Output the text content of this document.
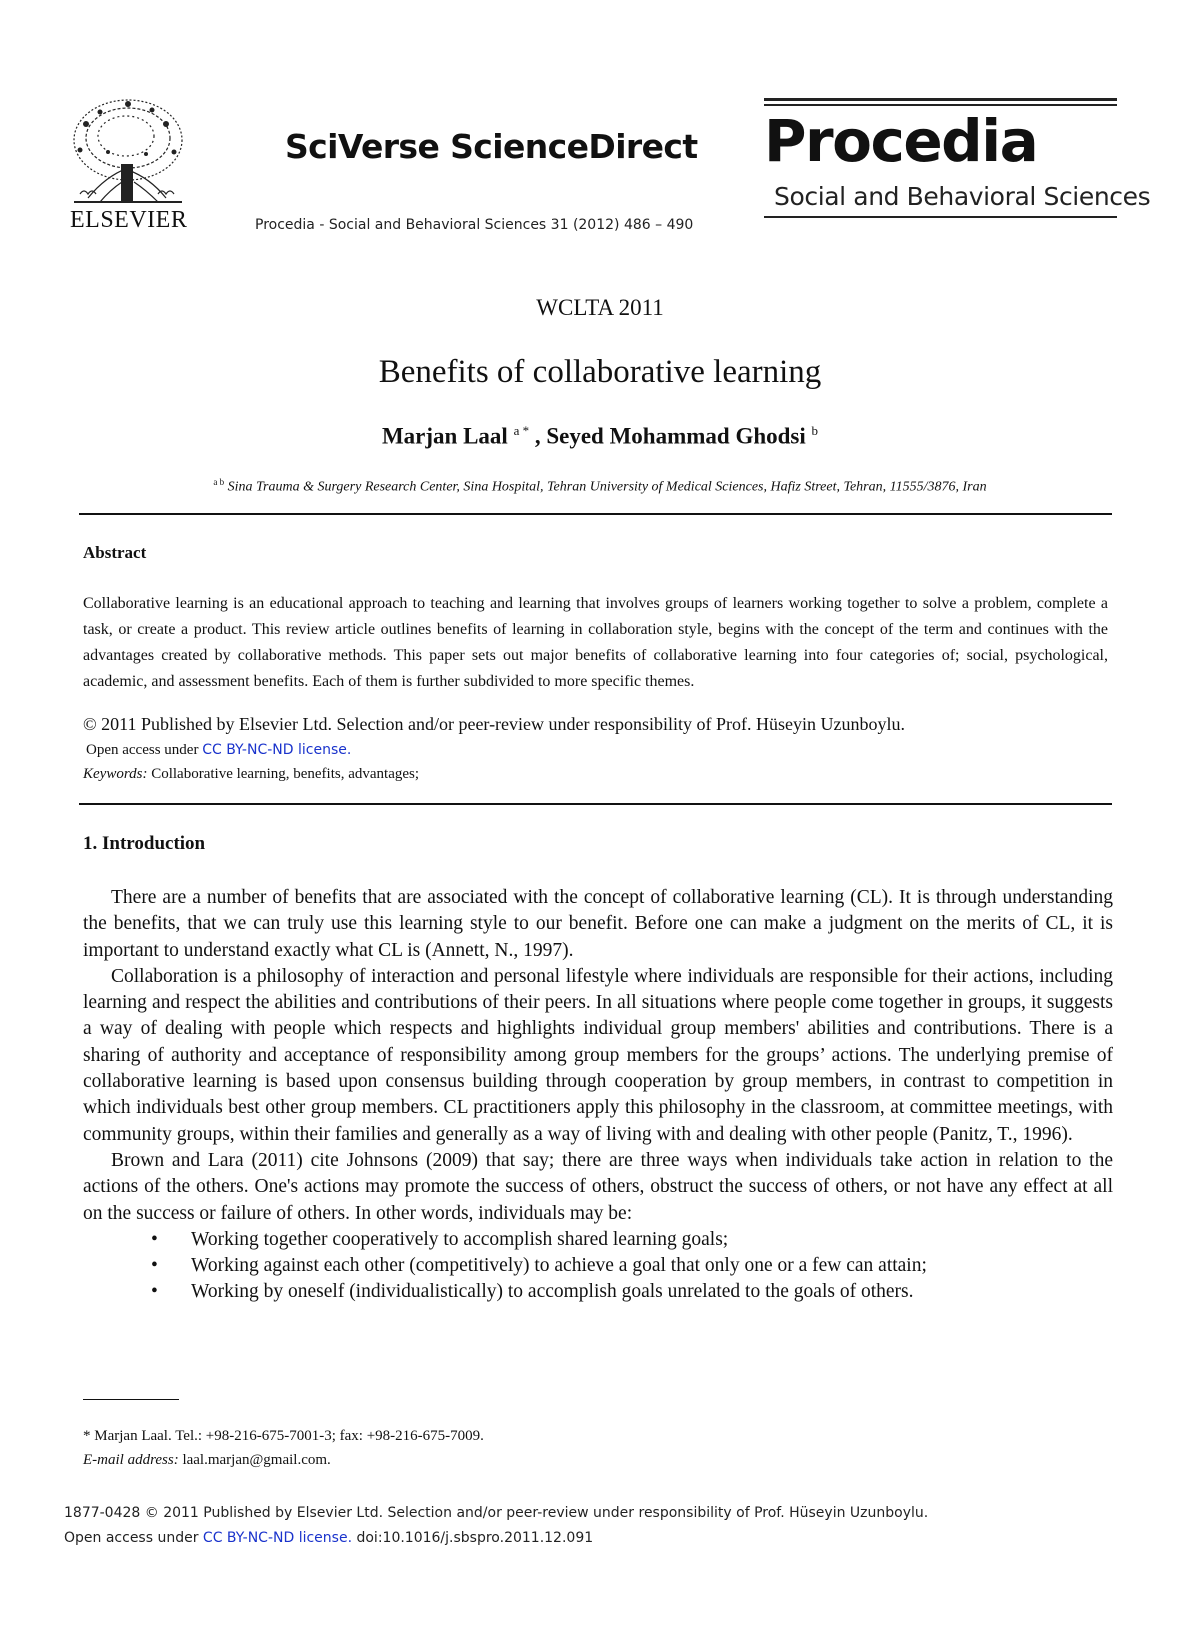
ELSEVIER
SciVerse ScienceDirect
Procedia - Social and Behavioral Sciences 31 (2012) 486 – 490
Procedia
Social and Behavioral Sciences
WCLTA 2011
Benefits of collaborative learning
Marjan Laal $^{a *}$ , Seyed Mohammad Ghodsi $^b$
$^{a b}$ Sina Trauma & Surgery Research Center, Sina Hospital, Tehran University of Medical Sciences, Hafiz Street, Tehran, 11555/3876, Iran
Abstract
Collaborative learning is an educational approach to teaching and learning that involves groups of learners working together to solve a problem, complete a task, or create a product. This review article outlines benefits of learning in collaboration style, begins with the concept of the term and continues with the advantages created by collaborative methods. This paper sets out major benefits of collaborative learning into four categories of; social, psychological, academic, and assessment benefits. Each of them is further subdivided to more specific themes.
© 2011 Published by Elsevier Ltd. Selection and/or peer-review under responsibility of Prof. Hüseyin Uzunboylu.
Open access under CC BY-NC-ND license.
Keywords: Collaborative learning, benefits, advantages;
1. Introduction

There are a number of benefits that are associated with the concept of collaborative learning (CL). It is through understanding the benefits, that we can truly use this learning style to our benefit. Before one can make a judgment on the merits of CL, it is important to understand exactly what CL is (Annett, N., 1997).

Collaboration is a philosophy of interaction and personal lifestyle where individuals are responsible for their actions, including learning and respect the abilities and contributions of their peers. In all situations where people come together in groups, it suggests a way of dealing with people which respects and highlights individual group members' abilities and contributions. There is a sharing of authority and acceptance of responsibility among group members for the groups’ actions. The underlying premise of collaborative learning is based upon consensus building through cooperation by group members, in contrast to competition in which individuals best other group members. CL practitioners apply this philosophy in the classroom, at committee meetings, with community groups, within their families and generally as a way of living with and dealing with other people (Panitz, T., 1996).

Brown and Lara (2011) cite Johnsons (2009) that say; there are three ways when individuals take action in relation to the actions of the others. One's actions may promote the success of others, obstruct the success of others, or not have any effect at all on the success or failure of others. In other words, individuals may be:

• Working together cooperatively to accomplish shared learning goals;
• Working against each other (competitively) to achieve a goal that only one or a few can attain;
• Working by oneself (individualistically) to accomplish goals unrelated to the goals of others.
* Marjan Laal. Tel.: +98-216-675-7001-3; fax: +98-216-675-7009.
E-mail address: laal.marjan@gmail.com.
1877-0428 © 2011 Published by Elsevier Ltd. Selection and/or peer-review under responsibility of Prof. Hüseyin Uzunboylu.
Open access under CC BY-NC-ND license. doi:10.1016/j.sbspro.2011.12.091
